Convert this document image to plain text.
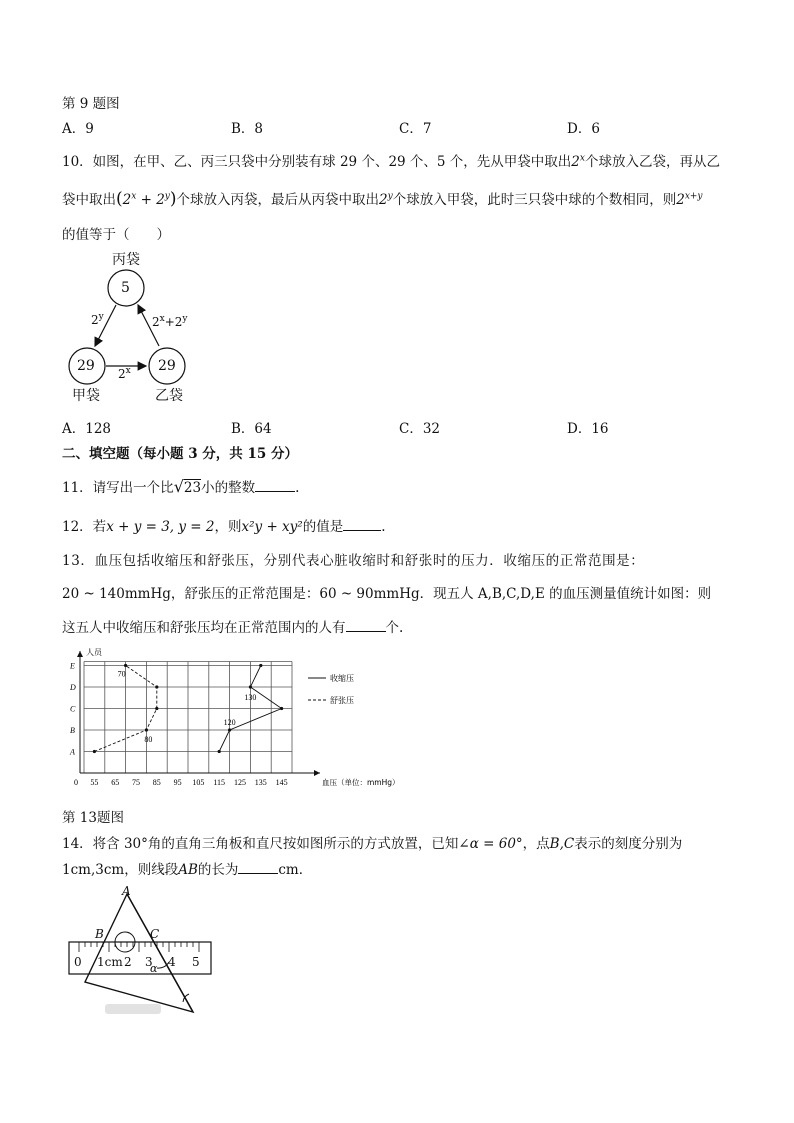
第 9 题图
A．9	B．8	C．7	D．6
10．如图，在甲、乙、丙三只袋中分别装有球 29 个、29 个、5 个，先从甲袋中取出2$^x$个球放入乙袋，再从乙
袋中取出$(2^x + 2^y)$个球放入丙袋，最后从丙袋中取出2$^y$个球放入甲袋，此时三只袋中球的个数相同，则$2^{x+y}$
的值等于（　　）
丙袋
5
29	29
甲袋	乙袋
2$^y$	$2^x+2^y$
2$^x$
A．128	B．64	C．32	D．16
二、填空题（每小题 3 分，共 15 分）
11．请写出一个比√23小的整数	.
12．若x + y = 3, y = 2，则x²y + xy²的值是	.
13．血压包括收缩压和舒张压，分别代表心脏收缩时和舒张时的压力．收缩压的正常范围是：
20 ~ 140mmHg，舒张压的正常范围是：60 ~ 90mmHg．现五人 A,B,C,D,E 的血压测量值统计如图：则
这五人中收缩压和舒张压均在正常范围内的人有	个.
55 65 75 85 95 105 115 125 135 145
0
A
B
C
D
E
人员
血压（单位：mmHg）
收缩压
舒张压
70
80
130
120
第 13题图
14．将含 30°角的直角三角板和直尺按如图所示的方式放置，已知∠α = 60°，点B,C表示的刻度分别为
1cm,3cm，则线段AB的长为	cm．
A
B	C
α
0 1cm 2 3 4 5
